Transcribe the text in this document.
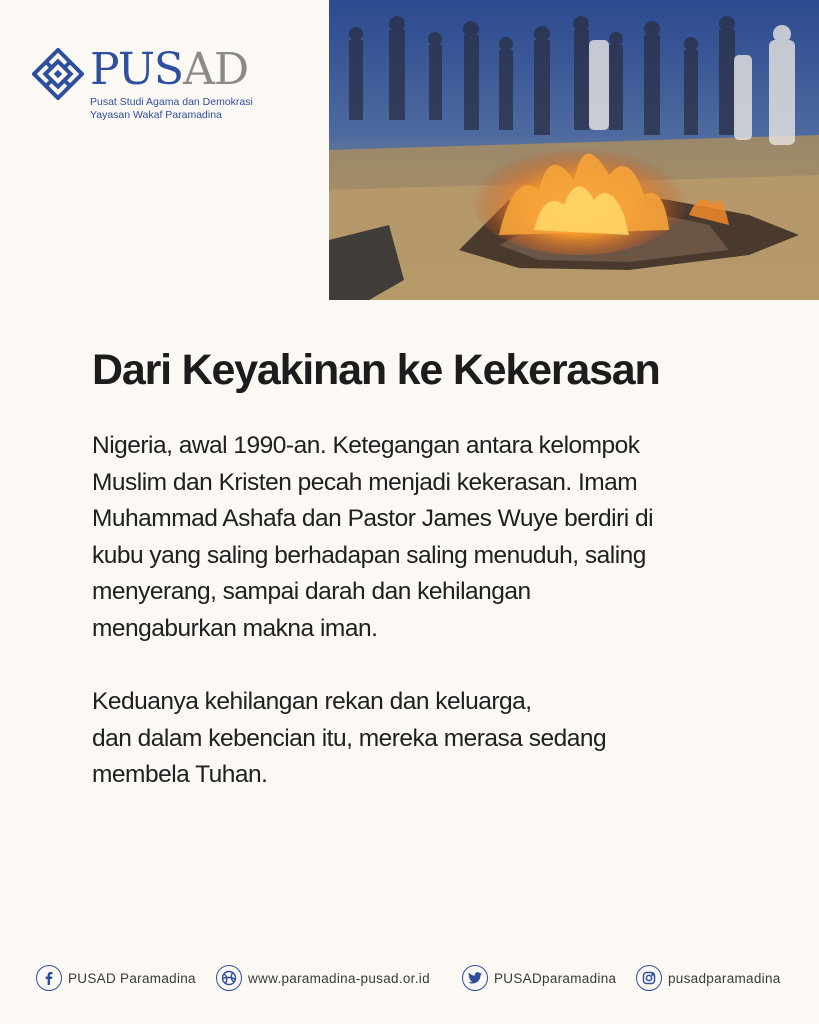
PUSAD
Pusat Studi Agama dan Demokrasi
Yayasan Wakaf Paramadina
Dari Keyakinan ke Kekerasan

Nigeria, awal 1990-an. Ketegangan antara kelompok
Muslim dan Kristen pecah menjadi kekerasan. Imam
Muhammad Ashafa dan Pastor James Wuye berdiri di
kubu yang saling berhadapan saling menuduh, saling
menyerang, sampai darah dan kehilangan
mengaburkan makna iman.

Keduanya kehilangan rekan dan keluarga,
dan dalam kebencian itu, mereka merasa sedang
membela Tuhan.

PUSAD Paramadina	www.paramadina-pusad.or.id	PUSADparamadina	pusadparamadina
